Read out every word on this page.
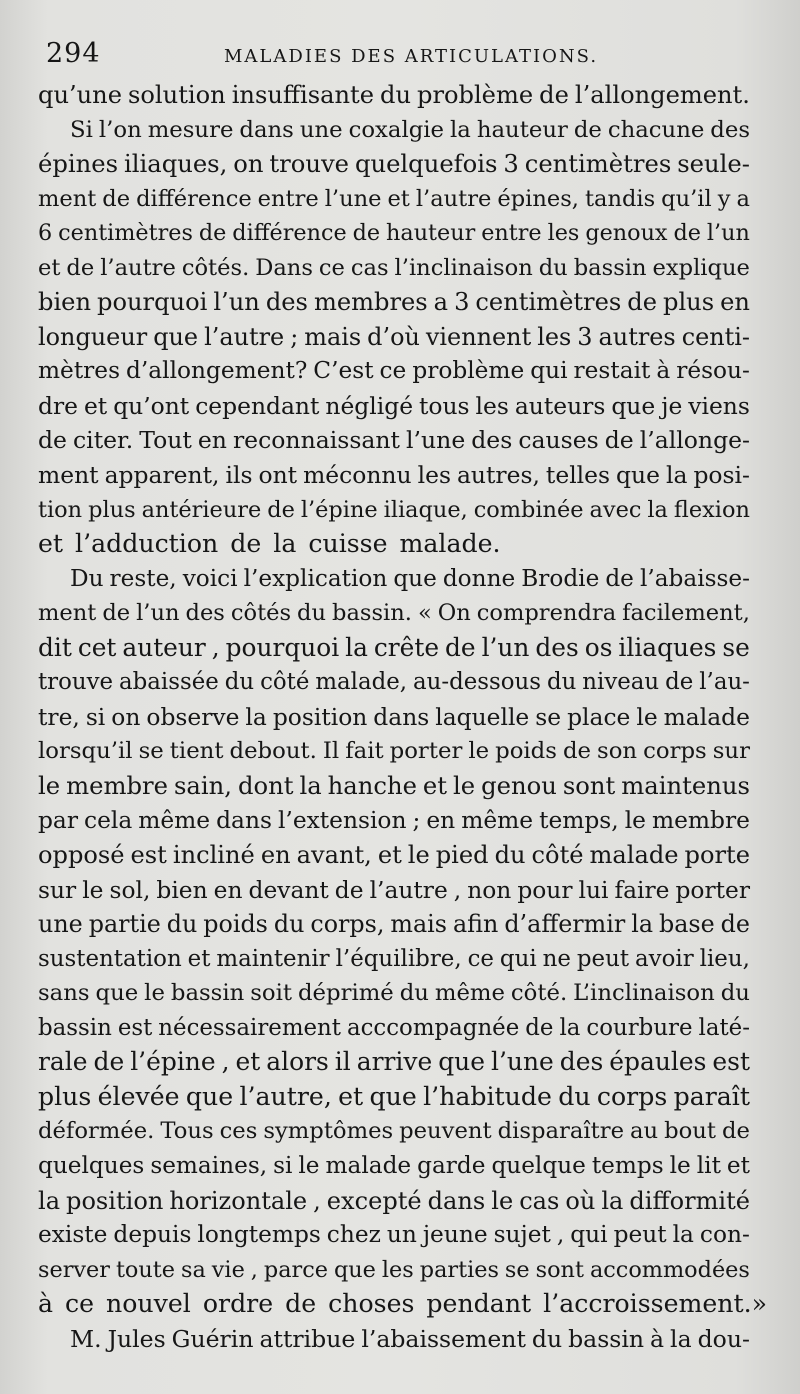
294	MALADIES DES ARTICULATIONS.
qu’une solution insuffisante du problème de l’allongement.
Si l’on mesure dans une coxalgie la hauteur de chacune des
épines iliaques, on trouve quelquefois 3 centimètres seule-
ment de différence entre l’une et l’autre épines, tandis qu’il y a
6 centimètres de différence de hauteur entre les genoux de l’un
et de l’autre côtés. Dans ce cas l’inclinaison du bassin explique
bien pourquoi l’un des membres a 3 centimètres de plus en
longueur que l’autre ; mais d’où viennent les 3 autres centi-
mètres d’allongement? C’est ce problème qui restait à résou-
dre et qu’ont cependant négligé tous les auteurs que je viens
de citer. Tout en reconnaissant l’une des causes de l’allonge-
ment apparent, ils ont méconnu les autres, telles que la posi-
tion plus antérieure de l’épine iliaque, combinée avec la flexion
et l’adduction de la cuisse malade.
Du reste, voici l’explication que donne Brodie de l’abaisse-
ment de l’un des côtés du bassin. « On comprendra facilement,
dit cet auteur , pourquoi la crête de l’un des os iliaques se
trouve abaissée du côté malade, au-dessous du niveau de l’au-
tre, si on observe la position dans laquelle se place le malade
lorsqu’il se tient debout. Il fait porter le poids de son corps sur
le membre sain, dont la hanche et le genou sont maintenus
par cela même dans l’extension ; en même temps, le membre
opposé est incliné en avant, et le pied du côté malade porte
sur le sol, bien en devant de l’autre , non pour lui faire porter
une partie du poids du corps, mais afin d’affermir la base de
sustentation et maintenir l’équilibre, ce qui ne peut avoir lieu,
sans que le bassin soit déprimé du même côté. L’inclinaison du
bassin est nécessairement acccompagnée de la courbure laté-
rale de l’épine , et alors il arrive que l’une des épaules est
plus élevée que l’autre, et que l’habitude du corps paraît
déformée. Tous ces symptômes peuvent disparaître au bout de
quelques semaines, si le malade garde quelque temps le lit et
la position horizontale , excepté dans le cas où la difformité
existe depuis longtemps chez un jeune sujet , qui peut la con-
server toute sa vie , parce que les parties se sont accommodées
à ce nouvel ordre de choses pendant l’accroissement.»
M. Jules Guérin attribue l’abaissement du bassin à la dou-
